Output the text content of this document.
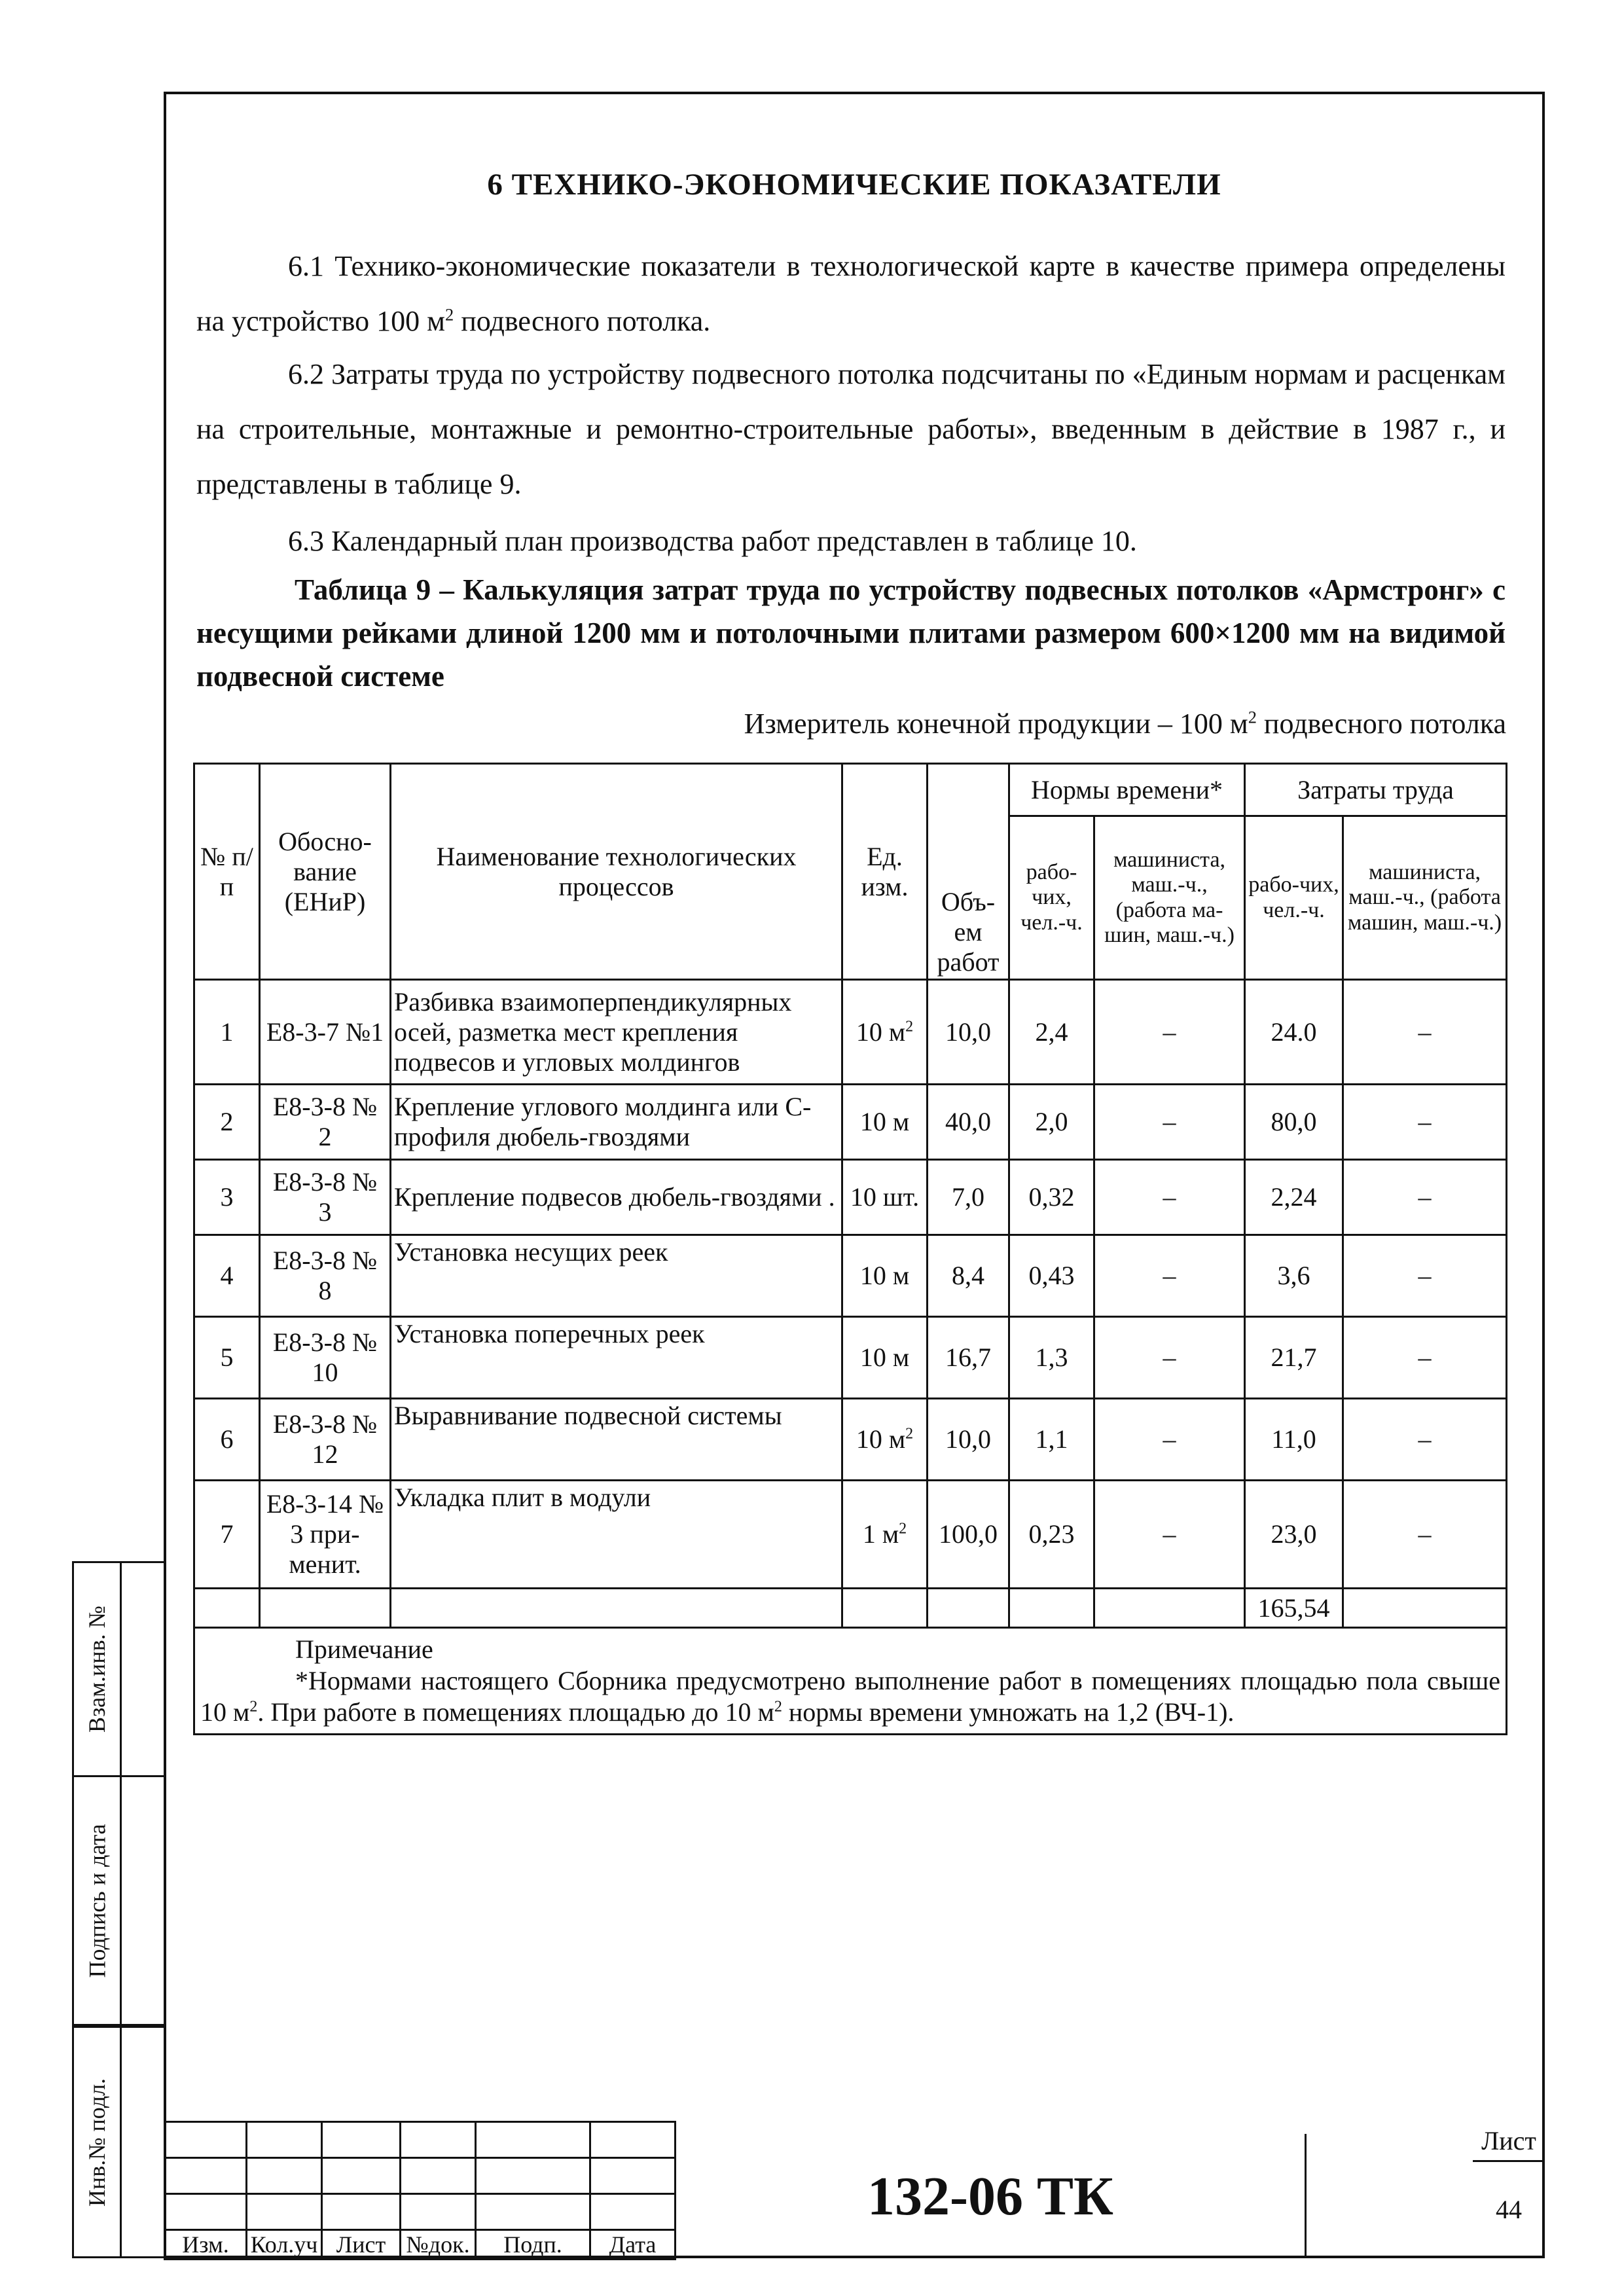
Взам.инв. №
Подпись и дата
Инв.№ подл.
6 ТЕХНИКО-ЭКОНОМИЧЕСКИЕ ПОКАЗАТЕЛИ

6.1 Технико-экономические показатели в технологической карте в качестве примера определены на устройство 100 $м^2$ подвесного потолка.

6.2 Затраты труда по устройству подвесного потолка подсчитаны по «Единым нормам и расценкам на строительные, монтажные и ремонтно-строительные работы», введенным в действие в 1987 г., и представлены в таблице 9.

6.3 Календарный план производства работ представлен в таблице 10.

Таблица 9 – Калькуляция затрат труда по устройству подвесных потолков «Армстронг» с несущими рейками длиной 1200 мм и потолочными плитами размером 600×1200 мм на видимой подвесной системе

Измеритель конечной продукции – 100 $м^2$ подвесного потолка
№ п/п	Обосно-вание (ЕНиР)	Наименование технологических процессов	Ед. изм.	Объ-ем работ	Нормы времени*		Затраты труда	
					рабо-чих, чел.-ч.	машиниста, маш.-ч., (работа ма-шин, маш.-ч.)	рабо-чих, чел.-ч.	машиниста, маш.-ч., (работа машин, маш.-ч.)
1	Е8-3-7 №1	Разбивка взаимоперпендикулярных осей, разметка мест крепления подвесов и угловых молдингов	10 $м^2$	10,0	2,4	–	24.0	–
2	Е8-3-8 № 2	Крепление углового молдинга или С-профиля дюбель-гвоздями	10 м	40,0	2,0	–	80,0	–
3	Е8-3-8 № 3	Крепление подвесов дюбель-гвоздями .	10 шт.	7,0	0,32	–	2,24	–
4	Е8-3-8 № 8	Установка несущих реек	10 м	8,4	0,43	–	3,6	–
5	Е8-3-8 № 10	Установка поперечных реек	10 м	16,7	1,3	–	21,7	–
6	Е8-3-8 № 12	Выравнивание подвесной системы	10 $м^2$	10,0	1,1	–	11,0	–
7	Е8-3-14 № 3 при-менит.	Укладка плит в модули	1 $м^2$	100,0	0,23	–	23,0	–
							165,54	

Примечание
*Нормами настоящего Сборника предусмотрено выполнение работ в помещениях площадью пола свыше 10 $м^2$. При работе в помещениях площадью до 10 $м^2$ нормы времени умножать на 1,2 (ВЧ-1).								

Изм.	Кол.уч	Лист	№док.	Подп.	Дата
132-06 ТК
Лист
44
